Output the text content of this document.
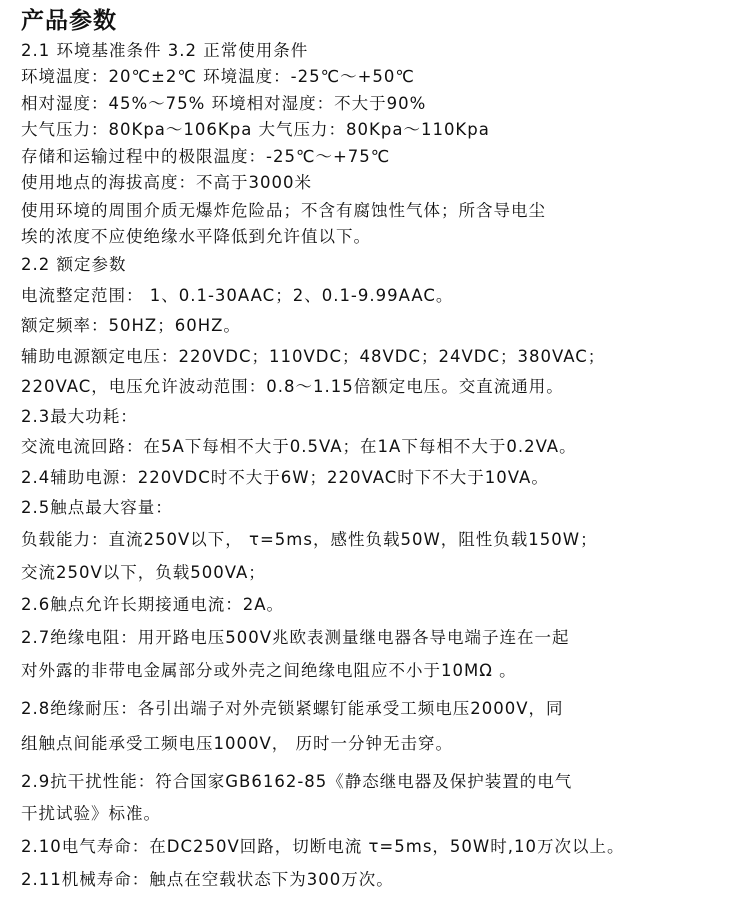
产品参数

2.1 环境基准条件 3.2 正常使用条件

环境温度：20℃±2℃ 环境温度：-25℃～+50℃

相对湿度：45%～75% 环境相对湿度：不大于90%

大气压力：80Kpa～106Kpa 大气压力：80Kpa～110Kpa

存储和运输过程中的极限温度：-25℃～+75℃

使用地点的海拔高度：不高于3000米

使用环境的周围介质无爆炸危险品；不含有腐蚀性气体；所含导电尘

埃的浓度不应使绝缘水平降低到允许值以下。

2.2 额定参数

电流整定范围： 1、0.1-30AAC；2、0.1-9.99AAC。

额定频率：50HZ；60HZ。

辅助电源额定电压：220VDC；110VDC；48VDC；24VDC；380VAC；

220VAC，电压允许波动范围：0.8～1.15倍额定电压。交直流通用。

2.3最大功耗：

交流电流回路：在5A下每相不大于0.5VA；在1A下每相不大于0.2VA。

2.4辅助电源：220VDC时不大于6W；220VAC时下不大于10VA。

2.5触点最大容量：

负载能力：直流250V以下， τ=5ms，感性负载50W，阻性负载150W；

交流250V以下，负载500VA；

2.6触点允许长期接通电流：2A。

2.7绝缘电阻：用开路电压500V兆欧表测量继电器各导电端子连在一起

对外露的非带电金属部分或外壳之间绝缘电阻应不小于10MΩ 。

2.8绝缘耐压：各引出端子对外壳锁紧螺钉能承受工频电压2000V，同

组触点间能承受工频电压1000V， 历时一分钟无击穿。

2.9抗干扰性能：符合国家GB6162-85《静态继电器及保护装置的电气

干扰试验》标准。

2.10电气寿命：在DC250V回路，切断电流 τ=5ms，50W时,10万次以上。

2.11机械寿命：触点在空载状态下为300万次。
